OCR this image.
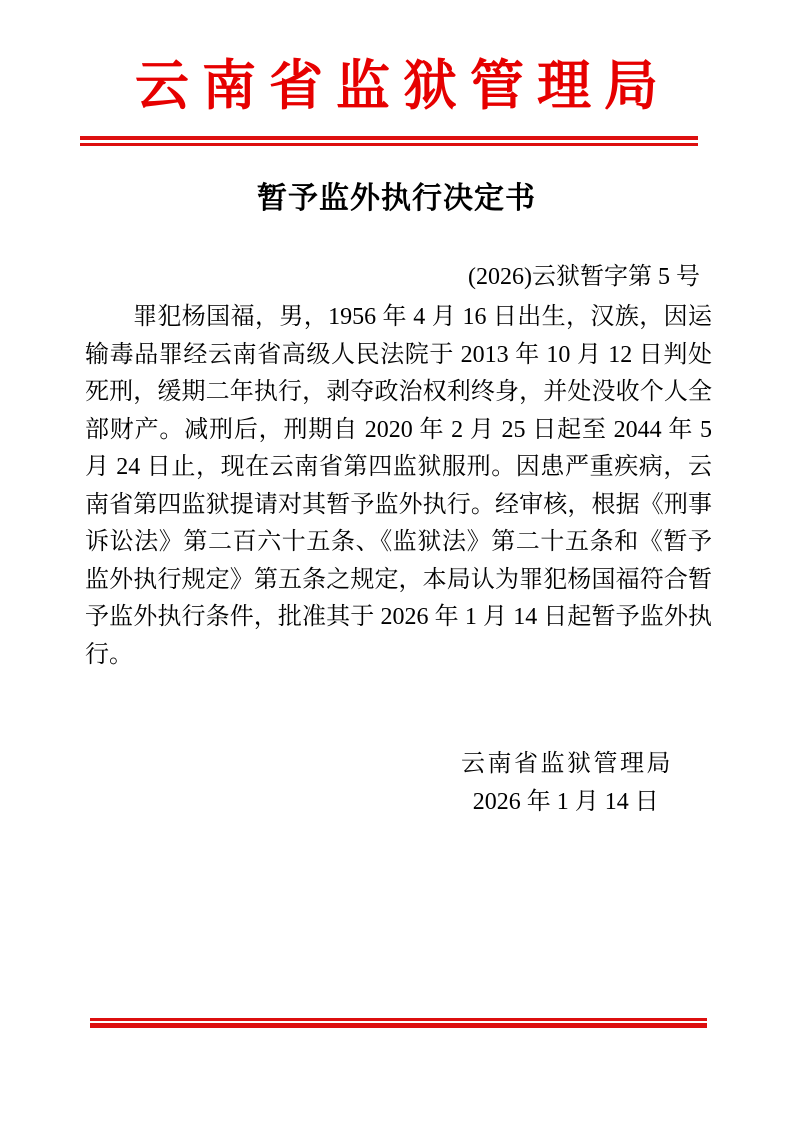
云南省监狱管理局
暂予监外执行决定书
(2026)云狱暂字第 5 号
罪犯杨国福，男，1956 年 4 月 16 日出生，汉族，因运输毒品罪经云南省高级人民法院于 2013 年 10 月 12 日判处死刑，缓期二年执行，剥夺政治权利终身，并处没收个人全部财产。减刑后，刑期自 2020 年 2 月 25 日起至 2044 年 5 月 24 日止，现在云南省第四监狱服刑。因患严重疾病，云南省第四监狱提请对其暂予监外执行。经审核，根据《刑事诉讼法》第二百六十五条、《监狱法》第二十五条和《暂予监外执行规定》第五条之规定，本局认为罪犯杨国福符合暂予监外执行条件，批准其于 2026 年 1 月 14 日起暂予监外执行。
云南省监狱管理局
2026 年 1 月 14 日
